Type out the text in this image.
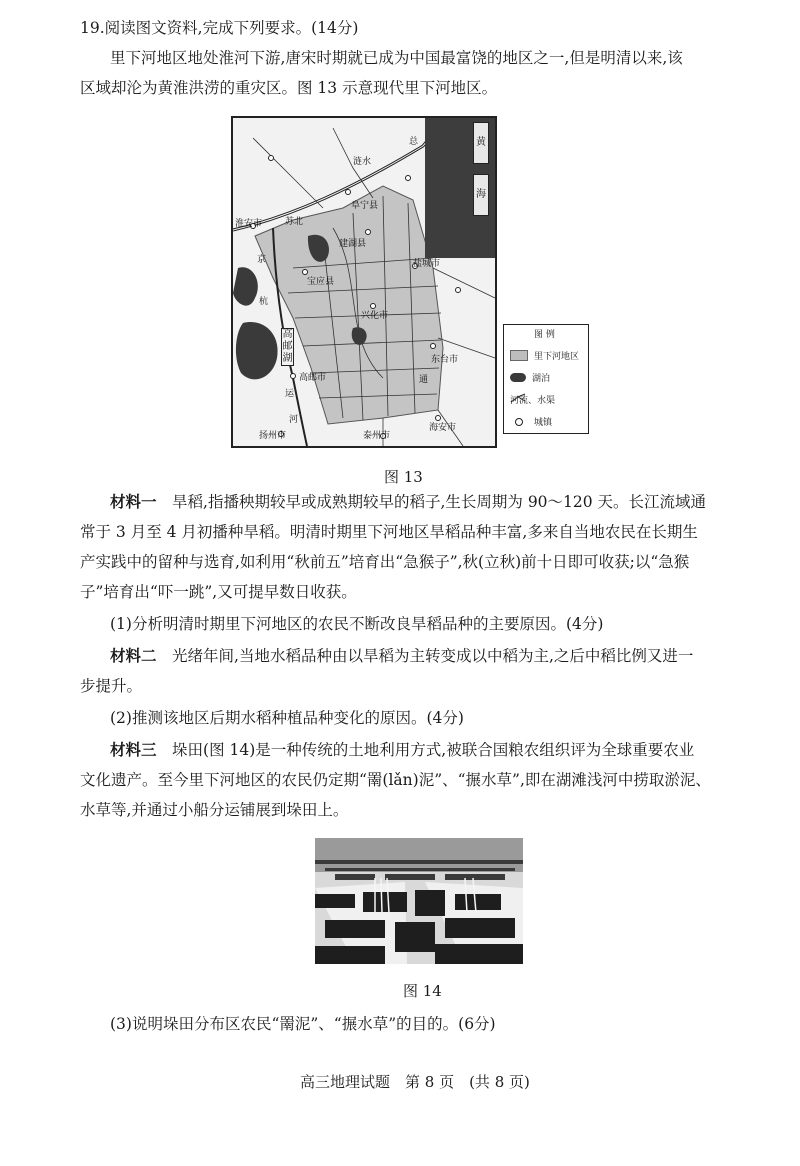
19.阅读图文资料,完成下列要求。(14分)
里下河地区地处淮河下游,唐宋时期就已成为中国最富饶的地区之一,但是明清以来,该
区域却沦为黄淮洪涝的重灾区。图 13 示意现代里下河地区。
黄
海
总
涟水
淮安市
阜宁县
苏北
建湖县
盐城市
京
杭
宝应县
兴化市
高邮湖	东台市
高邮市
运
河
通
扬州市	泰州市
海安市
图 例
里下河地区
湖泊
河流、水渠
城镇
图 13
材料一　 旱稻,指播秧期较早或成熟期较早的稻子,生长周期为 90～120 天。长江流域通
常于 3 月至 4 月初播种旱稻。明清时期里下河地区旱稻品种丰富,多来自当地农民在长期生
产实践中的留种与选育,如利用“秋前五”培育出“急猴子”,秋(立秋)前十日即可收获;以“急猴
子”培育出“吓一跳”,又可提早数日收获。
(1)分析明清时期里下河地区的农民不断改良旱稻品种的主要原因。(4分)
材料二　 光绪年间,当地水稻品种由以旱稻为主转变成以中稻为主,之后中稻比例又进一
步提升。
(2)推测该地区后期水稻种植品种变化的原因。(4分)
材料三　 垛田(图 14)是一种传统的土地利用方式,被联合国粮农组织评为全球重要农业
文化遗产。至今里下河地区的农民仍定期“罱(lǎn)泥”、“搌水草”,即在湖滩浅河中捞取淤泥、
水草等,并通过小船分运铺展到垛田上。
图 14
(3)说明垛田分布区农民“罱泥”、“搌水草”的目的。(6分)
高三地理试题　第 8 页　(共 8 页)
